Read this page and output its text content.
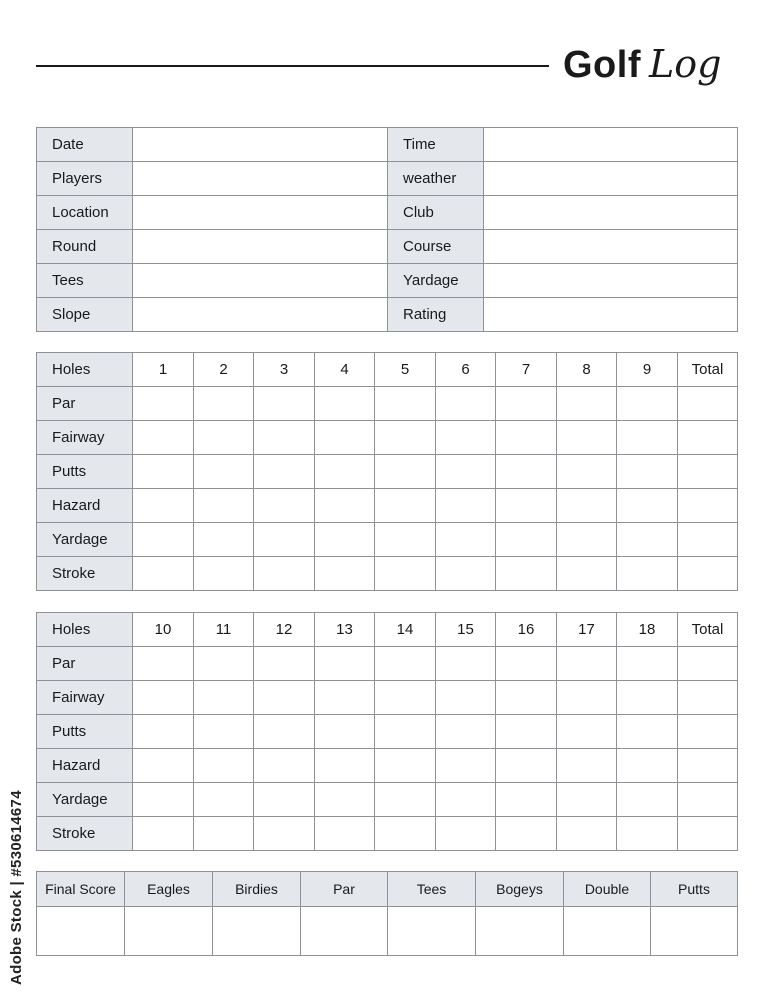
Golf Log
Date		Time	
Players		weather	
Location		Club	
Round		Course	
Tees		Yardage	
Slope		Rating	
Holes	1	2	3	4	5	6	7	8	9	Total
Par										
Fairway										
Putts										
Hazard										
Yardage										
Stroke										
Holes	10	11	12	13	14	15	16	17	18	Total
Par										
Fairway										
Putts										
Hazard										
Yardage										
Stroke										
Final Score	Eagles	Birdies	Par	Tees	Bogeys	Double	Putts

Adobe Stock | #530614674
